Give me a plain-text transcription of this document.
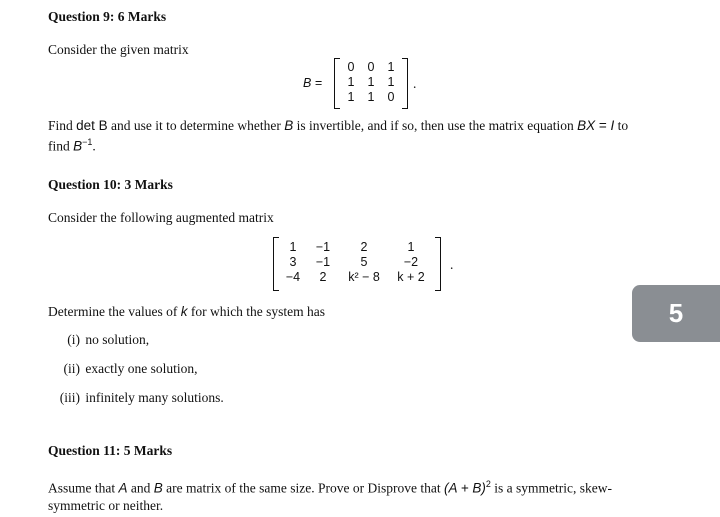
Question 9: 6 Marks
Consider the given matrix
B =
0	0	1
1	1	1
1	1	0
.
Find det B and use it to determine whether B is invertible, and if so, then use the matrix equation BX = I to
find $B^{-1}$.
Question 10: 3 Marks
Consider the following augmented matrix
1	−1	2	1
3	−1	5	−2
−4	2	k² − 8	k + 2
.
Determine the values of k for which the system has
(i) no solution,
(ii) exactly one solution,
(iii) infinitely many solutions.
Question 11: 5 Marks
Assume that A and B are matrix of the same size. Prove or Disprove that $(A + B)^2$ is a symmetric, skew-
symmetric or neither.
5
